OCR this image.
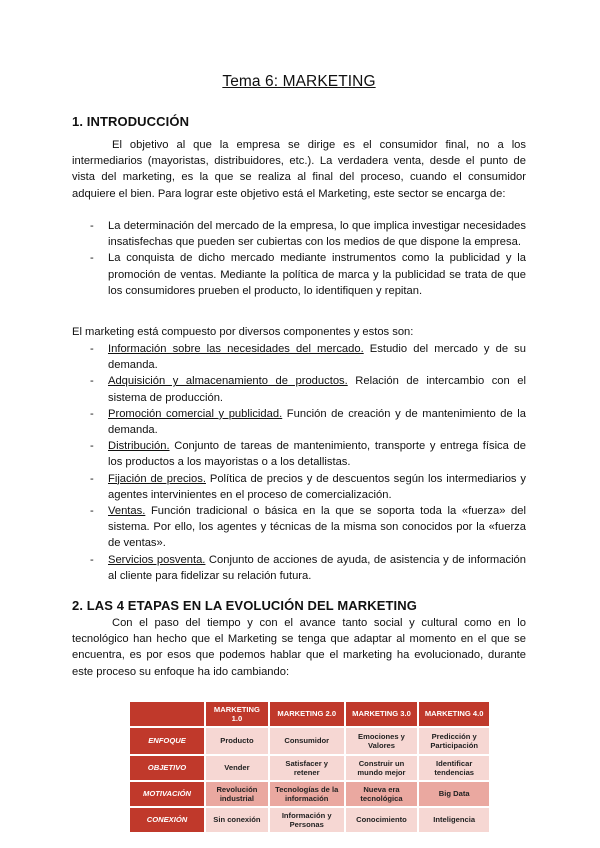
Tema 6: MARKETING
1. INTRODUCCIÓN
El objetivo al que la empresa se dirige es el consumidor final, no a los intermediarios (mayoristas, distribuidores, etc.). La verdadera venta, desde el punto de vista del marketing, es la que se realiza al final del proceso, cuando el consumidor adquiere el bien. Para lograr este objetivo está el Marketing, este sector se encarga de:
- La determinación del mercado de la empresa, lo que implica investigar necesidades insatisfechas que pueden ser cubiertas con los medios de que dispone la empresa.
- La conquista de dicho mercado mediante instrumentos como la publicidad y la promoción de ventas. Mediante la política de marca y la publicidad se trata de que los consumidores prueben el producto, lo identifiquen y repitan.
El marketing está compuesto por diversos componentes y estos son:
- Información sobre las necesidades del mercado. Estudio del mercado y de su demanda.
- Adquisición y almacenamiento de productos. Relación de intercambio con el sistema de producción.
- Promoción comercial y publicidad. Función de creación y de mantenimiento de la demanda.
- Distribución. Conjunto de tareas de mantenimiento, transporte y entrega física de los productos a los mayoristas o a los detallistas.
- Fijación de precios. Política de precios y de descuentos según los intermediarios y agentes intervinientes en el proceso de comercialización.
- Ventas. Función tradicional o básica en la que se soporta toda la «fuerza» del sistema. Por ello, los agentes y técnicas de la misma son conocidos por la «fuerza de ventas».
- Servicios posventa. Conjunto de acciones de ayuda, de asistencia y de información al cliente para fidelizar su relación futura.
2. LAS 4 ETAPAS EN LA EVOLUCIÓN DEL MARKETING
Con el paso del tiempo y con el avance tanto social y cultural como en lo tecnológico han hecho que el Marketing se tenga que adaptar al momento en el que se encuentra, es por esos que podemos hablar que el marketing ha evolucionado, durante este proceso su enfoque ha ido cambiando:
	MARKETING 1.0	MARKETING 2.0	MARKETING 3.0	MARKETING 4.0
ENFOQUE	Producto	Consumidor	Emociones y Valores	Predicción y Participación
OBJETIVO	Vender	Satisfacer y retener	Construir un mundo mejor	Identificar tendencias
MOTIVACIÓN	Revolución industrial	Tecnologías de la información	Nueva era tecnológica	Big Data
CONEXIÓN	Sin conexión	Información y Personas	Conocimiento	Inteligencia
